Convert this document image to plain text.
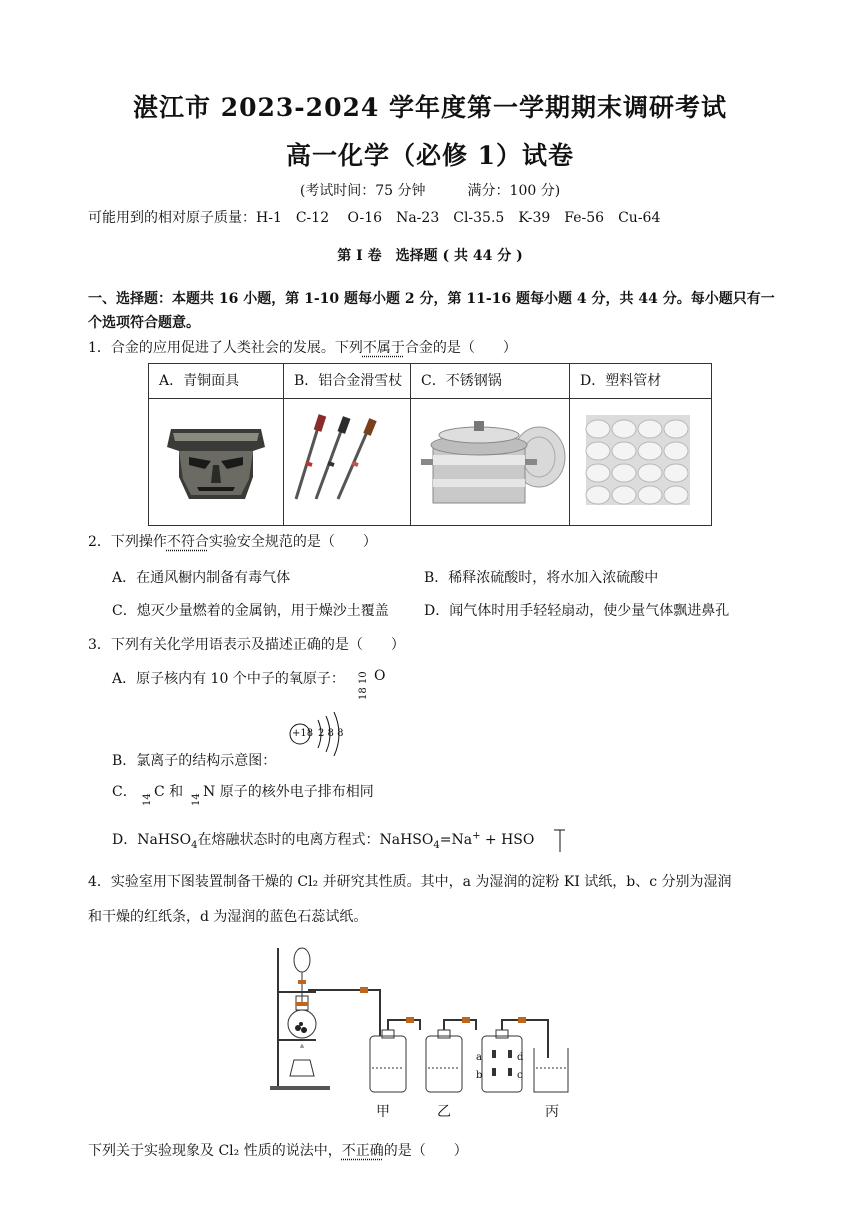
湛江市 2023-2024 学年度第一学期期末调研考试
高一化学（必修 1）试卷
(考试时间：75 分钟　　　满分：100 分)
可能用到的相对原子质量：H-1　C-12　 O-16　Na-23　Cl-35.5　K-39　Fe-56　Cu-64
第 I 卷　选择题 ( 共 44 分 )
一、选择题：本题共 16 小题，第 1-10 题每小题 2 分，第 11-16 题每小题 4 分，共 44 分。每小题只有一
个选项符合题意。
1．合金的应用促进了人类社会的发展。下列不属于合金的是（　　）
A．青铜面具	B．铝合金滑雪杖	C．不锈钢锅	D．塑料管材

2．下列操作不符合实验安全规范的是（　　）
A．在通风橱内制备有毒气体	B．稀释浓硫酸时，将水加入浓硫酸中
C．熄灭少量燃着的金属钠，用于燥沙土覆盖	D．闻气体时用手轻轻扇动，使少量气体飘进鼻孔
3．下列有关化学用语表示及描述正确的是（　　）
A．原子核内有 10 个中子的氧原子：
18 10 O
+18 2 8 8
B．氯离子的结构示意图：
C． 14 C 和 14 N 原子的核外电子排布相同
D．NaHSO$_4$在熔融状态时的电离方程式：NaHSO$_4$=Na+ + HSO
4．实验室用下图装置制备干燥的 Cl₂ 并研究其性质。其中，a 为湿润的淀粉 KI 试纸，b、c 分别为湿润
和干燥的红纸条，d 为湿润的蓝色石蕊试纸。
a
b
d
c
甲	乙	丙
下列关于实验现象及 Cl₂ 性质的说法中，不正确的是（　　）
